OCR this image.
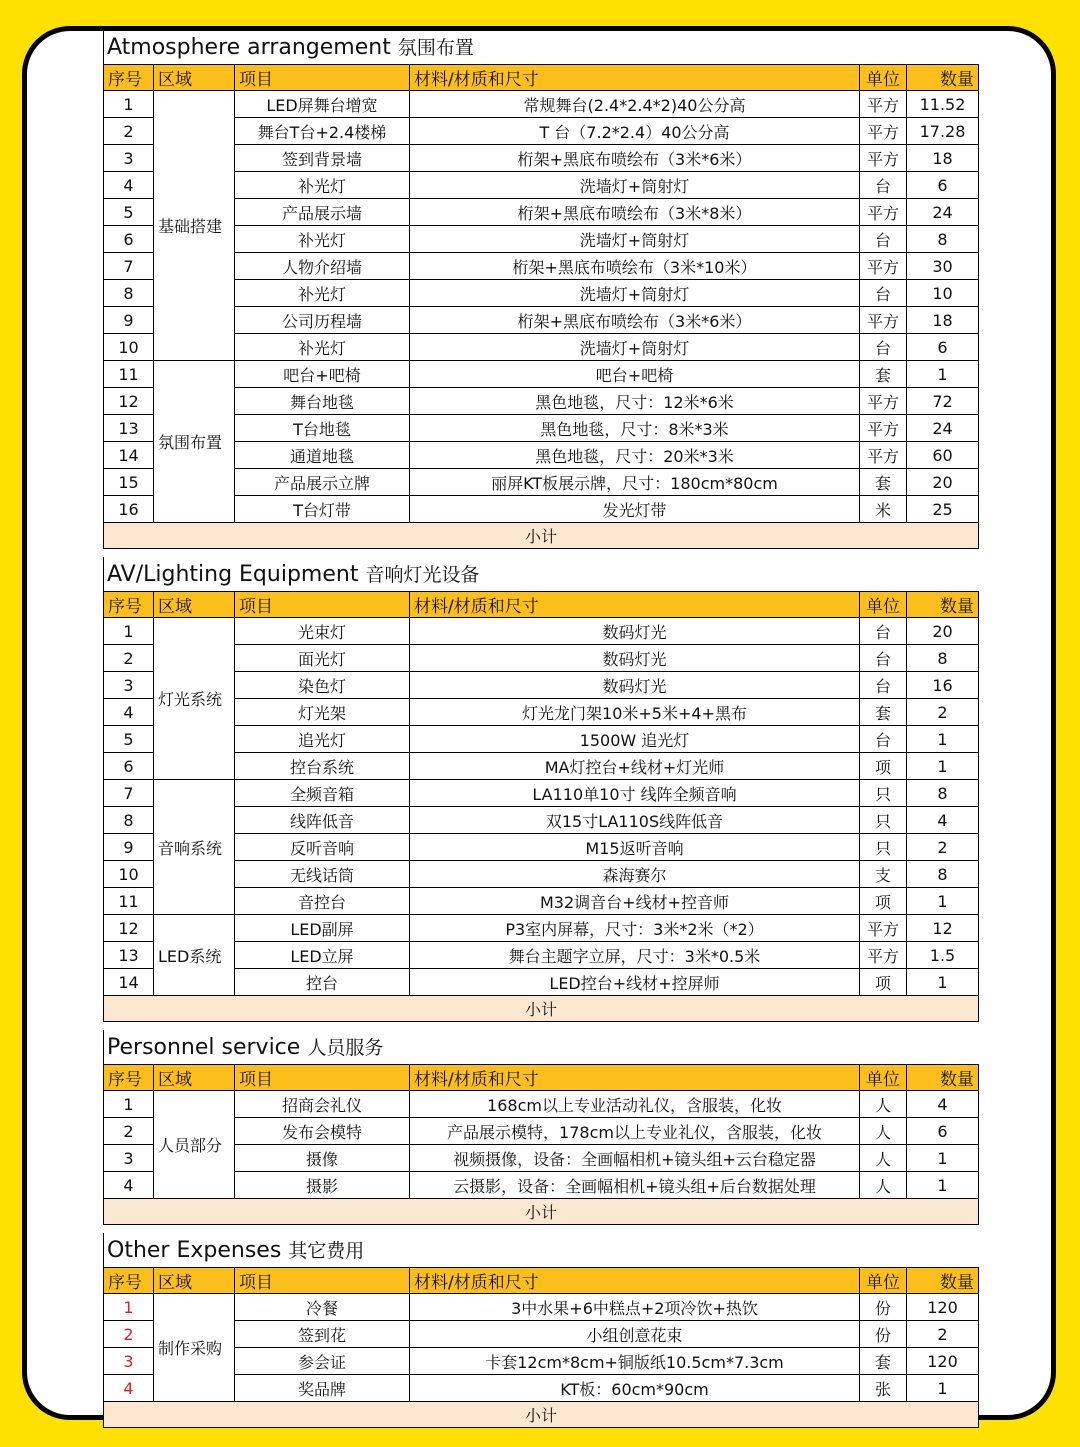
Atmosphere arrangement 氛围布置
序号	区域	项目	材料/材质和尺寸	单位	数量
1	基础搭建	LED屏舞台增宽	常规舞台(2.4*2.4*2)40公分高	平方	11.52
2		舞台T台+2.4楼梯	T 台（7.2*2.4）40公分高	平方	17.28
3		签到背景墙	桁架+黑底布喷绘布（3米*6米）	平方	18
4		补光灯	洗墙灯+筒射灯	台	6
5		产品展示墙	桁架+黑底布喷绘布（3米*8米）	平方	24
6		补光灯	洗墙灯+筒射灯	台	8
7		人物介绍墙	桁架+黑底布喷绘布（3米*10米）	平方	30
8		补光灯	洗墙灯+筒射灯	台	10
9		公司历程墙	桁架+黑底布喷绘布（3米*6米）	平方	18
10		补光灯	洗墙灯+筒射灯	台	6
11	氛围布置	吧台+吧椅	吧台+吧椅	套	1
12		舞台地毯	黑色地毯，尺寸：12米*6米	平方	72
13		T台地毯	黑色地毯，尺寸：8米*3米	平方	24
14		通道地毯	黑色地毯，尺寸：20米*3米	平方	60
15		产品展示立牌	丽屏KT板展示牌，尺寸：180cm*80cm	套	20
16		T台灯带	发光灯带	米	25
小计					
AV/Lighting Equipment 音响灯光设备
序号	区域	项目	材料/材质和尺寸	单位	数量
1	灯光系统	光束灯	数码灯光	台	20
2		面光灯	数码灯光	台	8
3		染色灯	数码灯光	台	16
4		灯光架	灯光龙门架10米+5米+4+黑布	套	2
5		追光灯	1500W 追光灯	台	1
6		控台系统	MA灯控台+线材+灯光师	项	1
7	音响系统	全频音箱	LA110单10寸 线阵全频音响	只	8
8		线阵低音	双15寸LA110S线阵低音	只	4
9		反听音响	M15返听音响	只	2
10		无线话筒	森海赛尔	支	8
11		音控台	M32调音台+线材+控音师	项	1
12	LED系统	LED副屏	P3室内屏幕，尺寸：3米*2米（*2）	平方	12
13		LED立屏	舞台主题字立屏，尺寸：3米*0.5米	平方	1.5
14		控台	LED控台+线材+控屏师	项	1
小计					
Personnel service 人员服务
序号	区域	项目	材料/材质和尺寸	单位	数量
1	人员部分	招商会礼仪	168cm以上专业活动礼仪，含服装，化妆	人	4
2		发布会模特	产品展示模特，178cm以上专业礼仪，含服装，化妆	人	6
3		摄像	视频摄像，设备：全画幅相机+镜头组+云台稳定器	人	1
4		摄影	云摄影，设备：全画幅相机+镜头组+后台数据处理	人	1
小计					
Other Expenses 其它费用
序号	区域	项目	材料/材质和尺寸	单位	数量
1	制作采购	冷餐	3中水果+6中糕点+2项冷饮+热饮	份	120
2		签到花	小组创意花束	份	2
3		参会证	卡套12cm*8cm+铜版纸10.5cm*7.3cm	套	120
4		奖品牌	KT板：60cm*90cm	张	1
小计					
